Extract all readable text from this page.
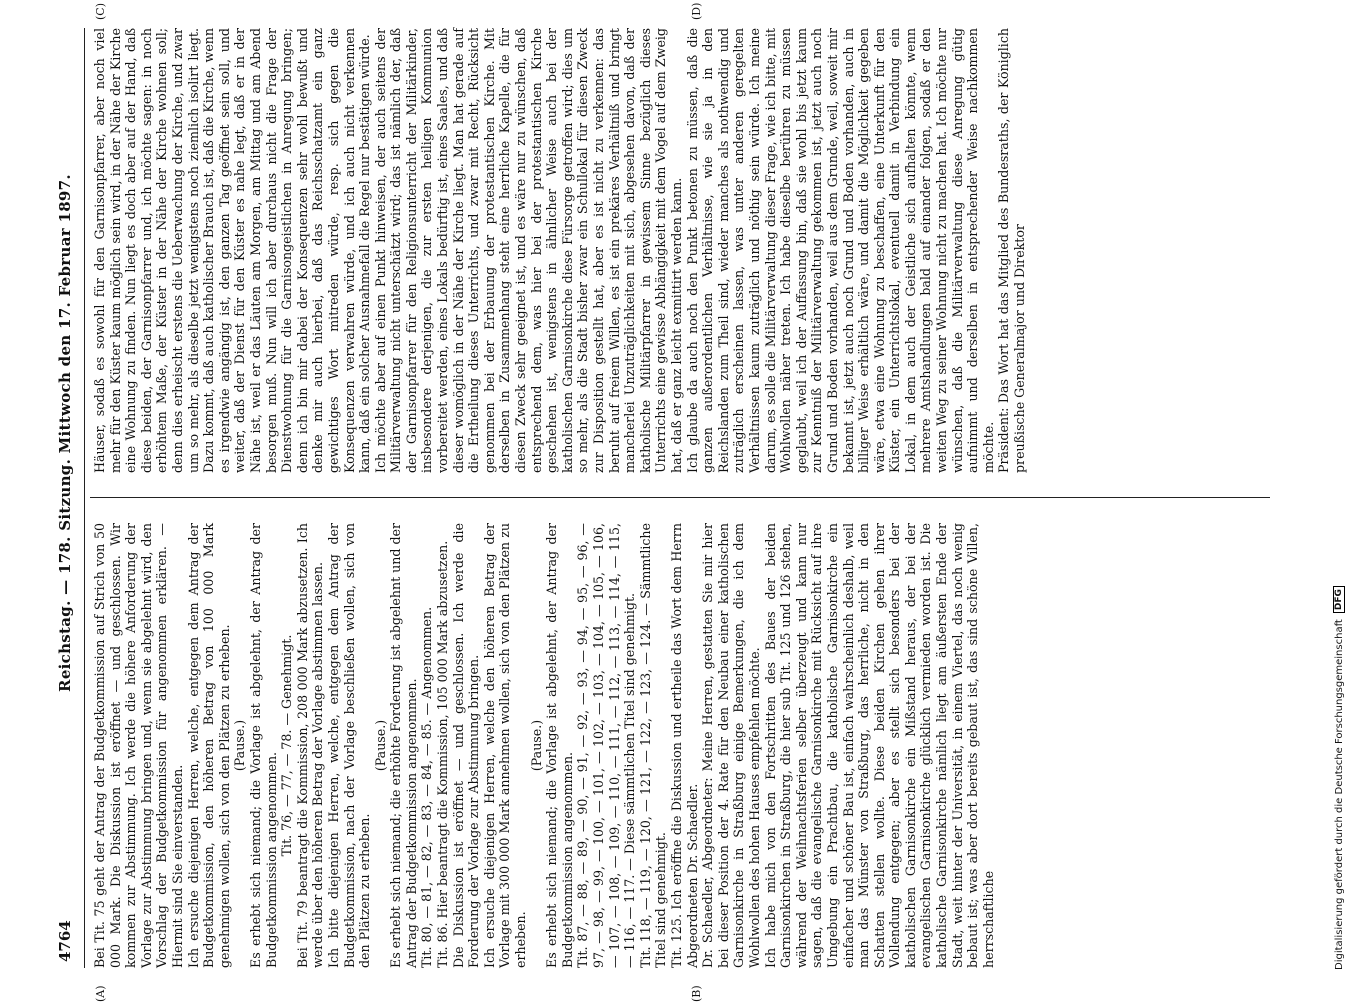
4764
Reichstag. — 178. Sitzung. Mittwoch den 17. Februar 1897.
(A)	(B)
(C)	(D)

Bei Tit. 75 geht der Antrag der Budgetkommission auf Strich von 50 000 Mark. Die Diskussion ist eröffnet — und geschlossen. Wir kommen zur Abstimmung. Ich werde die höhere Anforderung der Vorlage zur Abstimmung bringen und, wenn sie abgelehnt wird, den Vorschlag der Budgetkommission für angenommen erklären. — Hiermit sind Sie einverstanden. Ich ersuche diejenigen Herren, welche, entgegen dem Antrag der Budgetkommission, den höheren Betrag von 100 000 Mark genehmigen wollen, sich von den Plätzen zu erheben. (Pause.) Es erhebt sich niemand; die Vorlage ist abgelehnt, der Antrag der Budgetkommission angenommen.

Tit. 76, — 77, — 78. — Genehmigt. Bei Tit. 79 beantragt die Kommission, 208 000 Mark abzusetzen. Ich werde über den höheren Betrag der Vorlage abstimmen lassen. Ich bitte diejenigen Herren, welche, entgegen dem Antrag der Budgetkommission, nach der Vorlage beschließen wollen, sich von den Plätzen zu erheben.

(Pause.) Es erhebt sich niemand; die erhöhte Forderung ist abgelehnt und der Antrag der Budgetkommission angenommen. Tit. 80, — 81, — 82, — 83, — 84, — 85. — Angenommen. Tit. 86. Hier beantragt die Kommission, 105 000 Mark abzusetzen. Die Diskussion ist eröffnet — und geschlossen. Ich werde die Forderung der Vorlage zur Abstimmung bringen. Ich ersuche diejenigen Herren, welche den höheren Betrag der Vorlage mit 300 000 Mark annehmen wollen, sich von den Plätzen zu erheben.

(Pause.) Es erhebt sich niemand; die Vorlage ist abgelehnt, der Antrag der Budgetkommission angenommen. Tit. 87, — 88, — 89, — 90, — 91, — 92, — 93, — 94, — 95, — 96, — 97, — 98, — 99, — 100, — 101, — 102, — 103, — 104, — 105, — 106, — 107, — 108, — 109, — 110, — 111, — 112, — 113, — 114, — 115, — 116, — 117. — Diese sämmtlichen Titel sind genehmigt. Tit. 118, — 119, — 120, — 121, — 122, — 123, — 124. — Sämmtliche Titel sind genehmigt. Tit. 125. Ich eröffne die Diskussion und ertheile das Wort dem Herrn Abgeordneten Dr. Schaedler. Dr. Schaedler, Abgeordneter: Meine Herren, gestatten Sie mir hier bei dieser Position der 4. Rate für den Neubau einer katholischen Garnisonkirche in Straßburg einige Bemerkungen, die ich dem Wohlwollen des hohen Hauses empfehlen möchte. Ich habe mich von den Fortschritten des Baues der beiden Garnisonkirchen in Straßburg, die hier sub Tit. 125 und 126 stehen, während der Weihnachtsferien selber überzeugt und kann nur sagen, daß die evangelische Garnisonkirche mit Rücksicht auf ihre Umgebung ein Prachtbau, die katholische Garnisonkirche ein einfacher und schöner Bau ist, einfach wahrscheinlich deshalb, weil man das Münster von Straßburg, das herrliche, nicht in den Schatten stellen wollte. Diese beiden Kirchen gehen ihrer Vollendung entgegen; aber es stellt sich besonders bei der katholischen Garnisonkirche ein Mißstand heraus, der bei der evangelischen Garnisonkirche glücklich vermieden worden ist. Die katholische Garnisonkirche nämlich liegt am äußersten Ende der Stadt, weit hinter der Universität, in einem Viertel, das noch wenig bebaut ist; was aber dort bereits gebaut ist, das sind schöne Villen, herrschaftliche

Häuser, sodaß es sowohl für den Garnisonpfarrer, aber noch viel mehr für den Küster kaum möglich sein wird, in der Nähe der Kirche eine Wohnung zu finden. Nun liegt es doch aber auf der Hand, daß diese beiden, der Garnisonpfarrer und, ich möchte sagen: in noch erhöhtem Maße, der Küster in der Nähe der Kirche wohnen soll; denn dies erheischt erstens die Ueberwachung der Kirche, und zwar um so mehr, als dieselbe jetzt wenigstens noch ziemlich isolirt liegt. Dazu kommt, daß auch katholischer Brauch ist, daß die Kirche, wenn es irgendwie angängig ist, den ganzen Tag geöffnet sein soll, und weiter, daß der Dienst für den Küster es nahe legt, daß er in der Nähe ist, weil er das Läuten am Morgen, am Mittag und am Abend besorgen muß. Nun will ich aber durchaus nicht die Frage der Dienstwohnung für die Garnisongeistlichen in Anregung bringen; denn ich bin mir dabei der Konsequenzen sehr wohl bewußt und denke mir auch hierbei, daß das Reichsschatzamt ein ganz gewichtiges Wort mitreden würde, resp. sich gegen die Konsequenzen verwahren würde, und ich auch nicht verkennen kann, daß ein solcher Ausnahmefall die Regel nur bestätigen würde. Ich möchte aber auf einen Punkt hinweisen, der auch seitens der Militärverwaltung nicht unterschätzt wird; das ist nämlich der, daß der Garnisonpfarrer für den Religionsunterricht der Militärkinder, insbesondere derjenigen, die zur ersten heiligen Kommunion vorbereitet werden, eines Lokals bedürftig ist, eines Saales, und daß dieser womöglich in der Nähe der Kirche liegt. Man hat gerade auf die Ertheilung dieses Unterrichts, und zwar mit Recht, Rücksicht genommen bei der Erbauung der protestantischen Kirche. Mit derselben in Zusammenhang steht eine herrliche Kapelle, die für diesen Zweck sehr geeignet ist, und es wäre nur zu wünschen, daß entsprechend dem, was hier bei der protestantischen Kirche geschehen ist, wenigstens in ähnlicher Weise auch bei der katholischen Garnisonkirche diese Fürsorge getroffen wird; dies um so mehr, als die Stadt bisher zwar ein Schullokal für diesen Zweck zur Disposition gestellt hat, aber es ist nicht zu verkennen: das beruht auf freiem Willen, es ist ein prekäres Verhältniß und bringt mancherlei Unzuträglichkeiten mit sich, abgesehen davon, daß der katholische Militärpfarrer in gewissem Sinne bezüglich dieses Unterrichts eine gewisse Abhängigkeit mit dem Vogel auf dem Zweig hat, daß er ganz leicht exmittirt werden kann. Ich glaube da auch noch den Punkt betonen zu müssen, daß die ganzen außerordentlichen Verhältnisse, wie sie ja in den Reichslanden zum Theil sind, wieder manches als nothwendig und zuträglich erscheinen lassen, was unter anderen geregelten Verhältnissen kaum zuträglich und nöthig sein würde. Ich meine darum, es solle die Militärverwaltung dieser Frage, wie ich bitte, mit Wohlwollen näher treten. Ich habe dieselbe berühren zu müssen geglaubt, weil ich der Auffassung bin, daß sie wohl bis jetzt kaum zur Kenntniß der Militärverwaltung gekommen ist, jetzt auch noch Grund und Boden vorhanden, weil aus dem Grunde, weil, soweit mir bekannt ist, jetzt auch noch Grund und Boden vorhanden, auch in billiger Weise erhältlich wäre, und damit die Möglichkeit gegeben wäre, etwa eine Wohnung zu beschaffen, eine Unterkunft für den Küster, ein Unterrichtslokal, eventuell damit in Verbindung ein Lokal, in dem auch der Geistliche sich aufhalten könnte, wenn mehrere Amtshandlungen bald auf einander folgen, sodaß er den weiten Weg zu seiner Wohnung nicht zu machen hat. Ich möchte nur wünschen, daß die Militärverwaltung diese Anregung gütig aufnimmt und derselben in entsprechender Weise nachkommen möchte. Präsident: Das Wort hat das Mitglied des Bundesraths, der Königlich preußische Generalmajor und Direktor

Digitalisierung gefördert durch die Deutsche Forschungsgemeinschaft
DFG
